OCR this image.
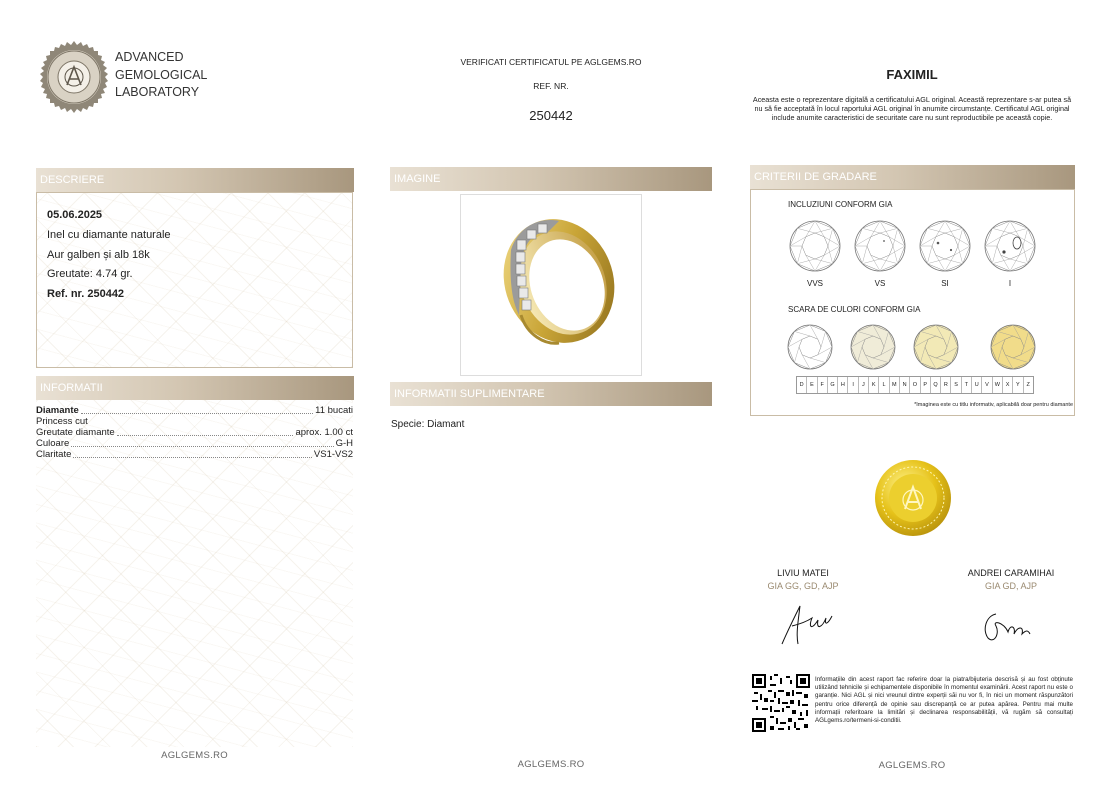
ADVANCED
GEMOLOGICAL
LABORATORY
VERIFICATI CERTIFICATUL PE AGLGEMS.RO
REF. NR.
250442
FAXIMIL
Aceasta este o reprezentare digitală a certificatului AGL original. Această reprezentare s-ar putea să nu să fie acceptată în locul raportului AGL original în anumite circumstanțe. Certificatul AGL original include anumite caracteristici de securitate care nu sunt reproductibile pe această copie.
DESCRIERE
05.06.2025
Inel cu diamante naturale
Aur galben și alb 18k
Greutate: 4.74 gr.
Ref. nr. 250442
INFORMATII
Diamante	11 bucati
Princess cut
Greutate diamante	aprox. 1.00 ct
Culoare	G-H
Claritate	VS1-VS2
AGLGEMS.RO
IMAGINE
INFORMATII SUPLIMENTARE
Specie: Diamant
AGLGEMS.RO
CRITERII DE GRADARE
INCLUZIUNI CONFORM GIA
VVS	VS	SI	I
SCARA DE CULORI CONFORM GIA
D	E	F	G	H	I	J	K	L	M	N	O	P	Q	R	S	T	U	V	W	X	Y	Z
*Imaginea este cu titlu informativ, aplicabilă doar pentru diamante
LIVIU MATEI
GIA GG, GD, AJP
ANDREI CARAMIHAI
GIA GD, AJP
Informațiile din acest raport fac referire doar la piatra/bijuteria descrisă și au fost obținute utilizând tehnicile și echipamentele disponibile în momentul examinării. Acest raport nu este o garanție. Nici AGL și nici vreunul dintre experții săi nu vor fi, în nici un moment răspunzători pentru orice diferență de opinie sau discrepanță ce ar putea apărea. Pentru mai multe informații referitoare la limitări și declinarea responsabilității, vă rugăm să consultați AGLgems.ro/termeni-si-conditii.
AGLGEMS.RO
